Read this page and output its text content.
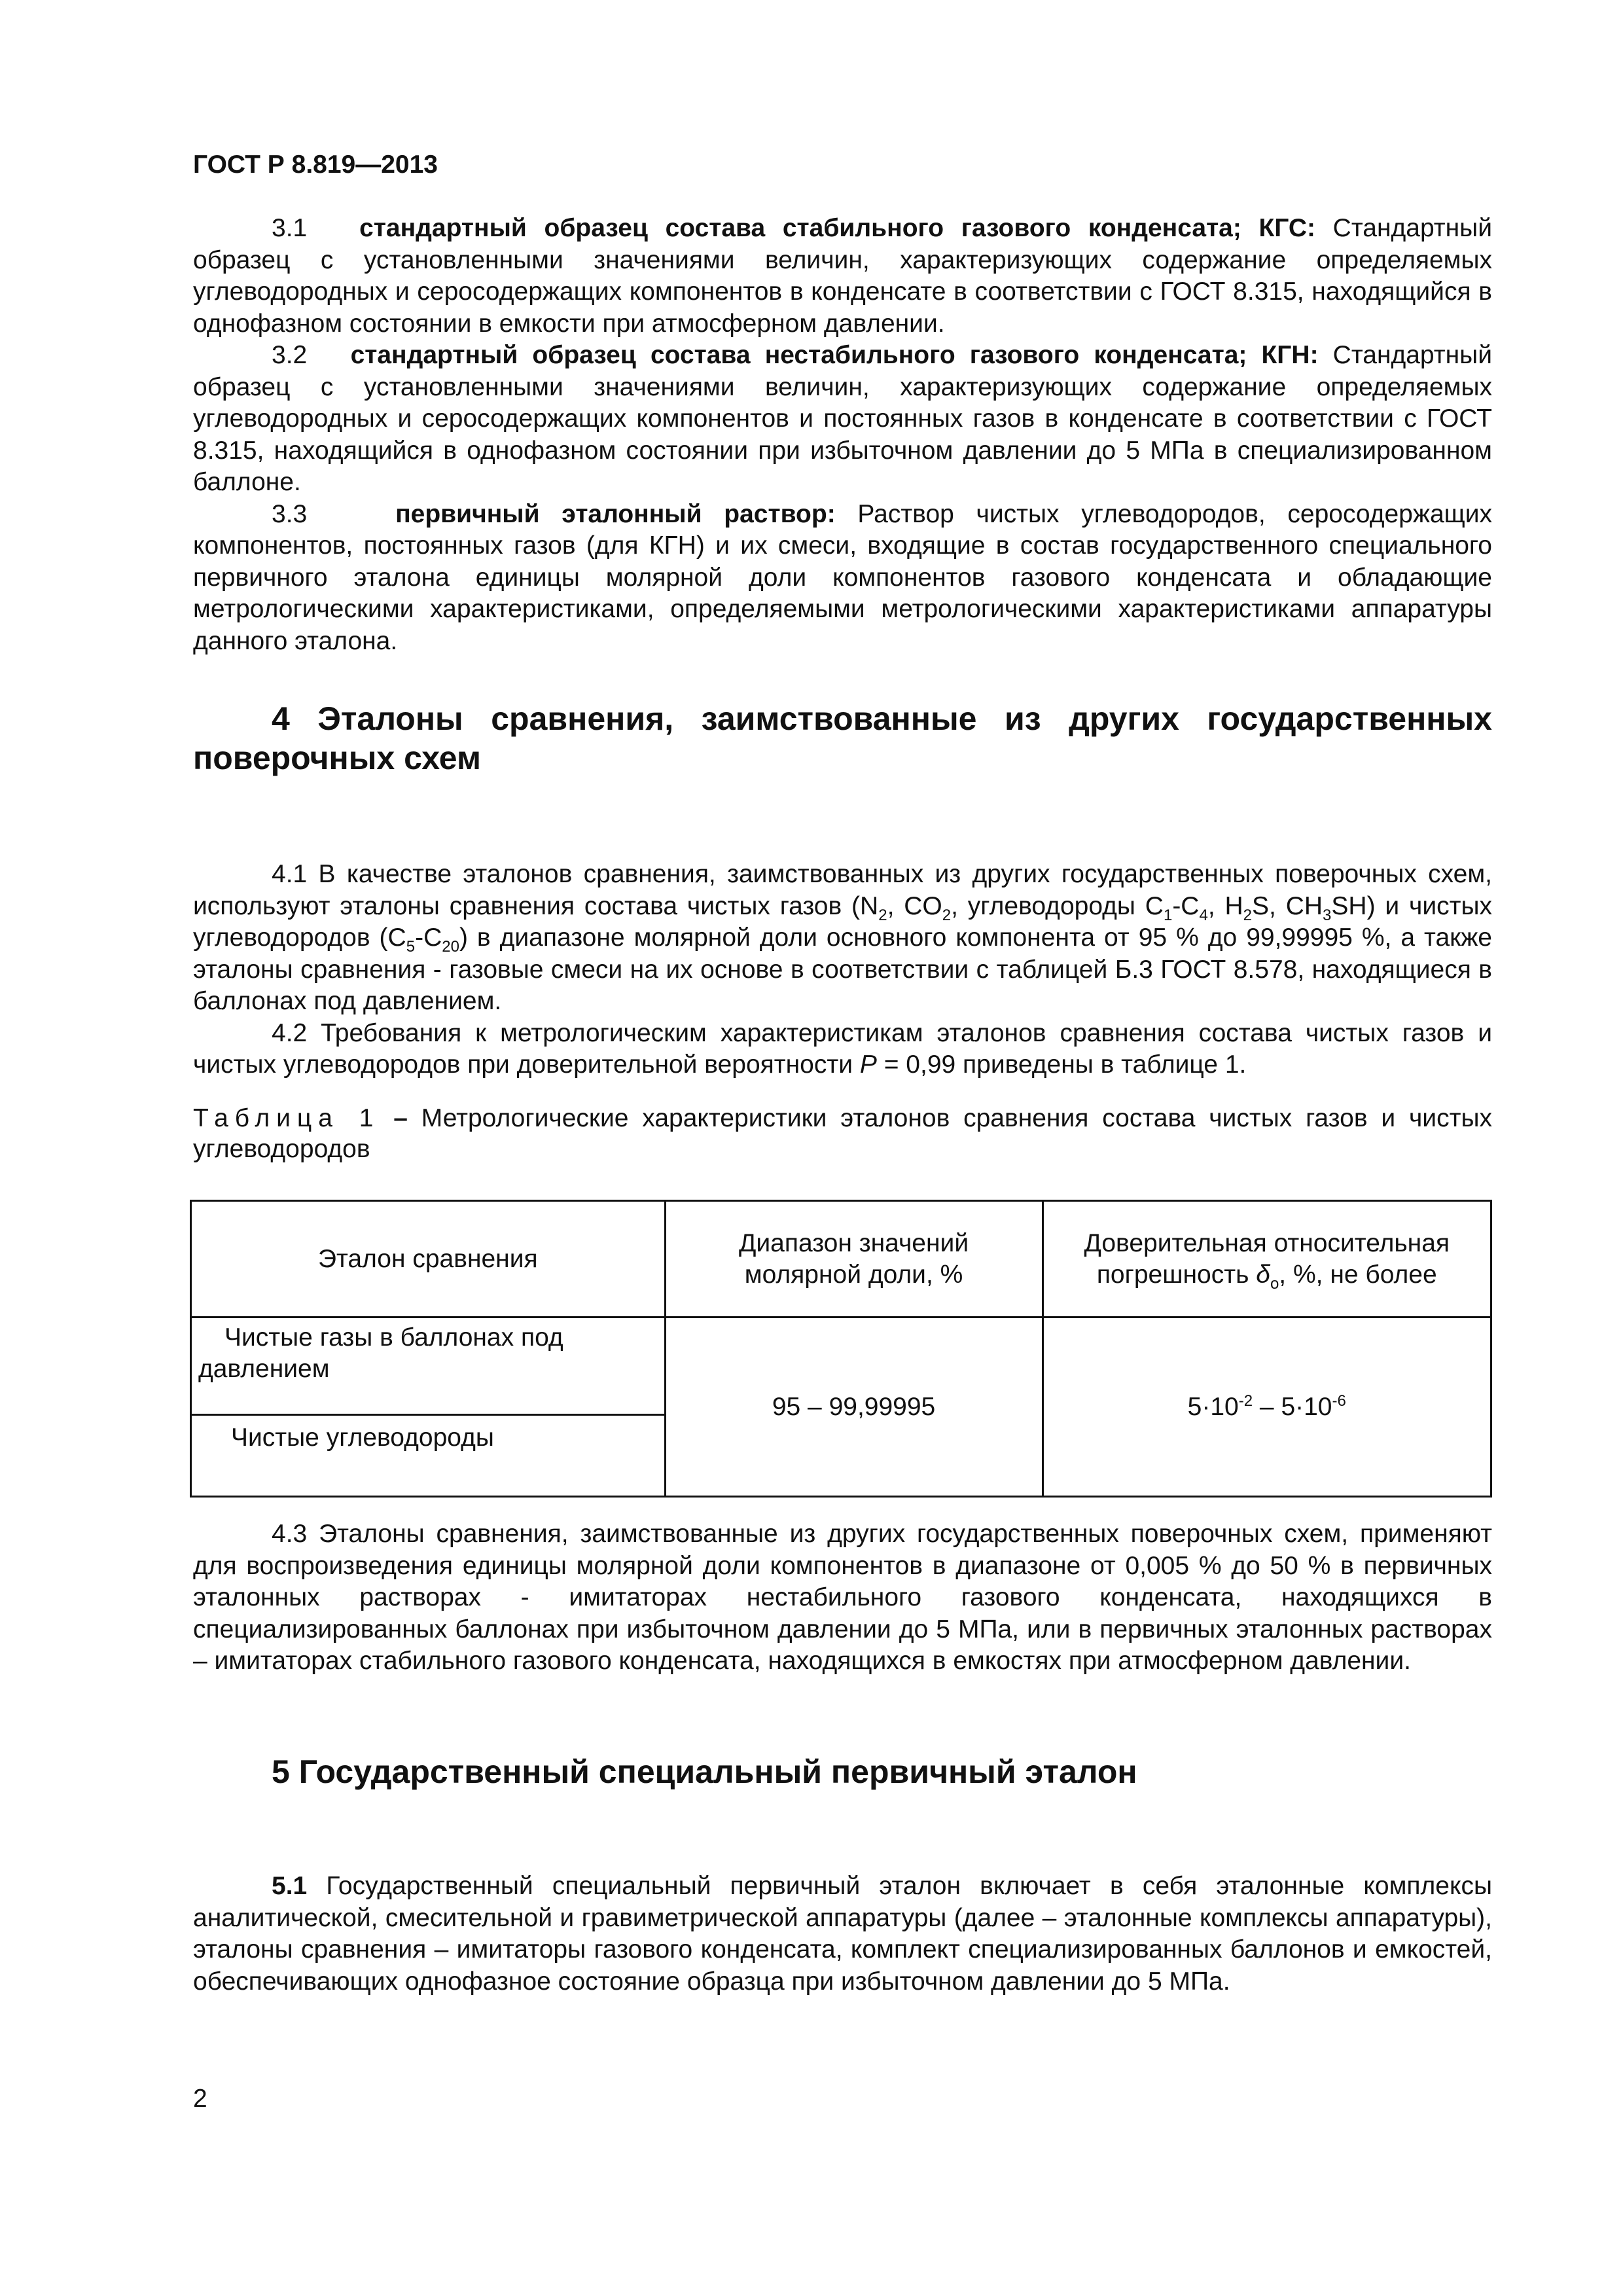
ГОСТ Р 8.819—2013

3.1 стандартный образец состава стабильного газового конденсата; КГС: Стандартный образец с установленными значениями величин, характеризующих содержание определяемых углеводородных и серосодержащих компонентов в конденсате в соответствии с ГОСТ 8.315, находящийся в однофазном состоянии в емкости при атмосферном давлении.

3.2 стандартный образец состава нестабильного газового конденсата; КГН: Стандартный образец с установленными значениями величин, характеризующих содержание определяемых углеводородных и серосодержащих компонентов и постоянных газов в конденсате в соответствии с ГОСТ 8.315, находящийся в однофазном состоянии при избыточном давлении до 5 МПа в специализированном баллоне.

3.3	первичный эталонный раствор: Раствор чистых углеводородов, серосодержащих компонентов, постоянных газов (для КГН) и их смеси, входящие в состав государственного специального первичного эталона единицы молярной доли компонентов газового конденсата и обладающие метрологическими характеристиками, определяемыми метрологическими характеристиками аппаратуры данного эталона.

4 Эталоны сравнения, заимствованные из других государственных поверочных схем

4.1 В качестве эталонов сравнения, заимствованных из других государственных поверочных схем, используют эталоны сравнения состава чистых газов ($N_2$, $CO_2$, углеводороды $C_1-C_4$, $H_2S$, $CH_3SH$) и чистых углеводородов $(C_5-C_{20})$ в диапазоне молярной доли основного компонента от 95 % до 99,99995 %, а также эталоны сравнения - газовые смеси на их основе в соответствии с таблицей Б.3 ГОСТ 8.578, находящиеся в баллонах под давлением.

4.2 Требования к метрологическим характеристикам эталонов сравнения состава чистых газов и чистых углеводородов при доверительной вероятности P = 0,99 приведены в таблице 1.

Таблица 1 – Метрологические характеристики эталонов сравнения состава чистых газов и чистых углеводородов
Эталон сравнения	Диапазон значений молярной доли, %	Доверительная относительная погрешность $\delta_o$, %, не более
Чистые газы в баллонах под давлением	95 – 99,99995	$5\cdot 10^{-2} - 5\cdot 10^{-6}$
Чистые углеводороды		

4.3 Эталоны сравнения, заимствованные из других государственных поверочных схем, применяют для воспроизведения единицы молярной доли компонентов в диапазоне от 0,005 % до 50 % в первичных эталонных растворах - имитаторах нестабильного газового конденсата, находящихся в специализированных баллонах при избыточном давлении до 5 МПа, или в первичных эталонных растворах – имитаторах стабильного газового конденсата, находящихся в емкостях при атмосферном давлении.

5 Государственный специальный первичный эталон

5.1 Государственный специальный первичный эталон включает в себя эталонные комплексы аналитической, смесительной и гравиметрической аппаратуры (далее – эталонные комплексы аппаратуры), эталоны сравнения – имитаторы газового конденсата, комплект специализированных баллонов и емкостей, обеспечивающих однофазное состояние образца при избыточном давлении до 5 МПа.

2
